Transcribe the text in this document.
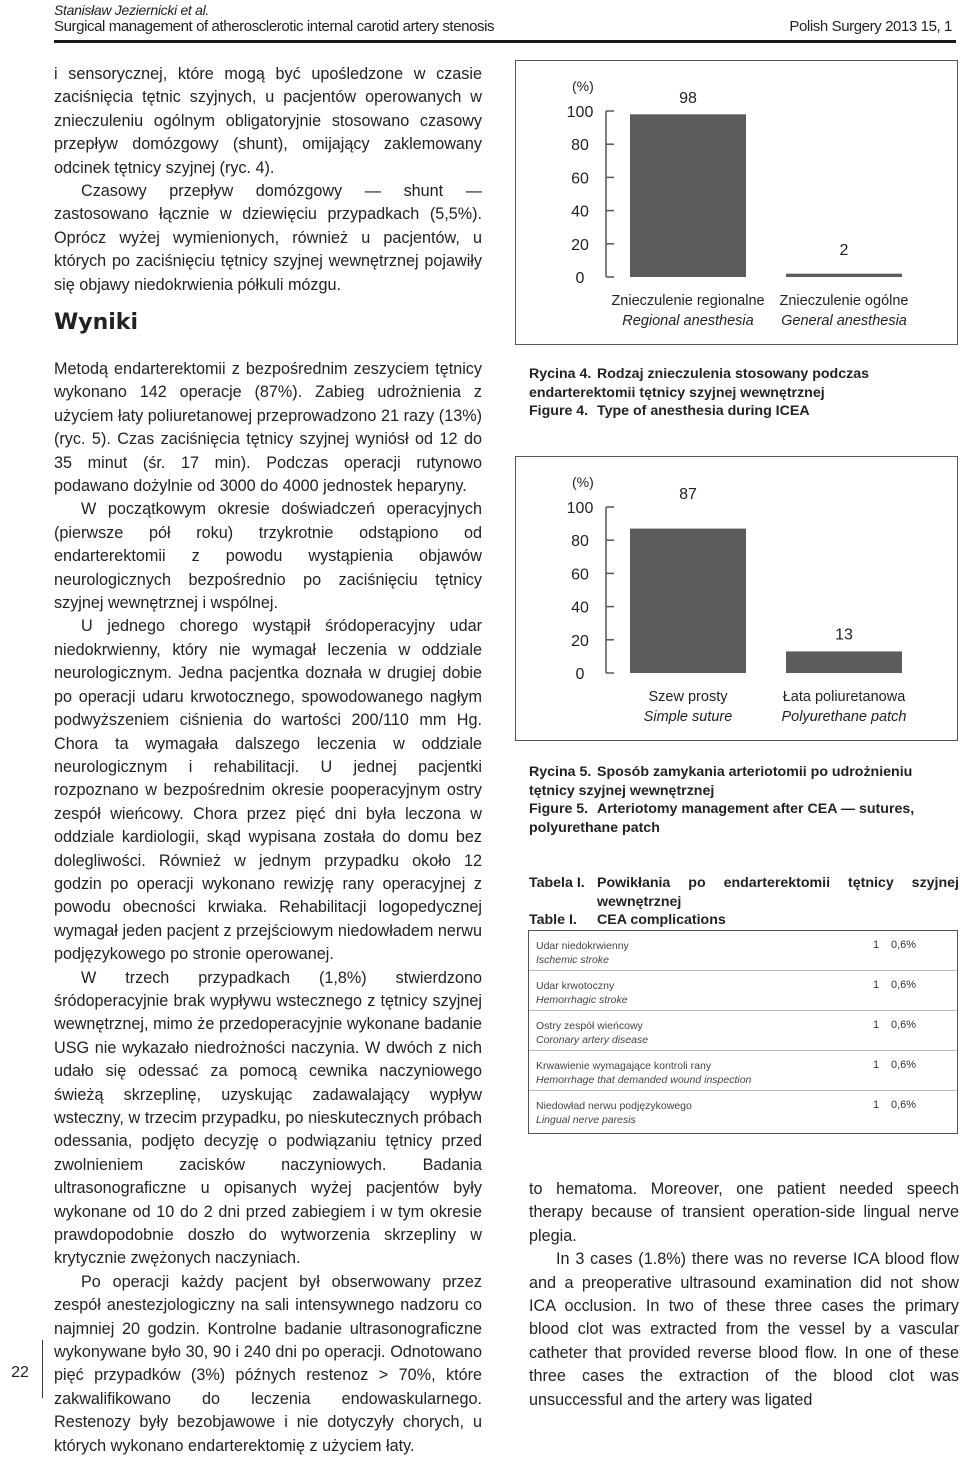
Stanisław Jeziernicki et al.
Surgical management of atherosclerotic internal carotid artery stenosis	Polish Surgery 2013 15, 1

i sensorycznej, które mogą być upośledzone w czasie zaciśnięcia tętnic szyjnych, u pacjentów operowanych w znieczuleniu ogólnym obligatoryjnie stosowano czasowy przepływ domózgowy (shunt), omijający zaklemowany odcinek tętnicy szyjnej (ryc. 4).

Czasowy przepływ domózgowy — shunt — zastosowano łącznie w dziewięciu przypadkach (5,5%). Oprócz wyżej wymienionych, również u pacjentów, u których po zaciśnięciu tętnicy szyjnej wewnętrznej pojawiły się objawy niedokrwienia półkuli mózgu.

Wyniki

Metodą endarterektomii z bezpośrednim zeszyciem tętnicy wykonano 142 operacje (87%). Zabieg udrożnienia z użyciem łaty poliuretanowej przeprowadzono 21 razy (13%) (ryc. 5). Czas zaciśnięcia tętnicy szyjnej wyniósł od 12 do 35 minut (śr. 17 min). Podczas operacji rutynowo podawano dożylnie od 3000 do 4000 jednostek heparyny.

W początkowym okresie doświadczeń operacyjnych (pierwsze pół roku) trzykrotnie odstąpiono od endarterektomii z powodu wystąpienia objawów neurologicznych bezpośrednio po zaciśnięciu tętnicy szyjnej wewnętrznej i wspólnej.

U jednego chorego wystąpił śródoperacyjny udar niedokrwienny, który nie wymagał leczenia w oddziale neurologicznym. Jedna pacjentka doznała w drugiej dobie po operacji udaru krwotocznego, spowodowanego nagłym podwyższeniem ciśnienia do wartości 200/110 mm Hg. Chora ta wymagała dalszego leczenia w oddziale neurologicznym i rehabilitacji. U jednej pacjentki rozpoznano w bezpośrednim okresie pooperacyjnym ostry zespół wieńcowy. Chora przez pięć dni była leczona w oddziale kardiologii, skąd wypisana została do domu bez dolegliwości. Również w jednym przypadku około 12 godzin po operacji wykonano rewizję rany operacyjnej z powodu obecności krwiaka. Rehabilitacji logopedycznej wymagał jeden pacjent z przejściowym niedowładem nerwu podjęzykowego po stronie operowanej.

W trzech przypadkach (1,8%) stwierdzono śródoperacyjnie brak wypływu wstecznego z tętnicy szyjnej wewnętrznej, mimo że przedoperacyjnie wykonane badanie USG nie wykazało niedrożności naczynia. W dwóch z nich udało się odessać za pomocą cewnika naczyniowego świeżą skrzeplinę, uzyskując zadawalający wypływ wsteczny, w trzecim przypadku, po nieskutecznych próbach odessania, podjęto decyzję o podwiązaniu tętnicy przed zwolnieniem zacisków naczyniowych. Badania ultrasonograficzne u opisanych wyżej pacjentów były wykonane od 10 do 2 dni przed zabiegiem i w tym okresie prawdopodobnie doszło do wytworzenia skrzepliny w krytycznie zwężonych naczyniach.

Po operacji każdy pacjent był obserwowany przez zespół anestezjologiczny na sali intensywnego nadzoru co najmniej 20 godzin. Kontrolne badanie ultrasonograficzne wykonywane było 30, 90 i 240 dni po operacji. Odnotowano pięć przypadków (3%) późnych restenoz > 70%, które zakwalifikowano do leczenia endowaskularnego. Restenozy były bezobjawowe i nie dotyczyły chorych, u których wykonano endarterektomię z użyciem łaty.

22
(%)
0
20
40
60
80
100
98
Znieczulenie regionalne
Regional anesthesia
2
Znieczulenie ogólne
General anesthesia
Rycina 4. Rodzaj znieczulenia stosowany podczas endarterektomii tętnicy szyjnej wewnętrznej
Figure 4. Type of anesthesia during ICEA
(%)
0
20
40
60
80
100
87
Szew prosty
Simple suture
13
Łata poliuretanowa
Polyurethane patch
Rycina 5. Sposób zamykania arteriotomii po udrożnieniu tętnicy szyjnej wewnętrznej
Figure 5. Arteriotomy management after CEA — sutures, polyurethane patch
Tabela I. Powikłania po endarterektomii tętnicy szyjnej wewnętrznej
Table I.	CEA complications
Udar niedokrwienny
Ischemic stroke
1 0,6%
Udar krwotoczny
Hemorrhagic stroke
1 0,6%
Ostry zespół wieńcowy
Coronary artery disease
1 0,6%
Krwawienie wymagające kontroli rany
Hemorrhage that demanded wound inspection
1 0,6%
Niedowład nerwu podjęzykowego
Lingual nerve paresis
1 0,6%

to hematoma. Moreover, one patient needed speech therapy because of transient operation-side lingual nerve plegia.

In 3 cases (1.8%) there was no reverse ICA blood flow and a preoperative ultrasound examination did not show ICA occlusion. In two of these three cases the primary blood clot was extracted from the vessel by a vascular catheter that provided reverse blood flow. In one of these three cases the extraction of the blood clot was unsuccessful and the artery was ligated
